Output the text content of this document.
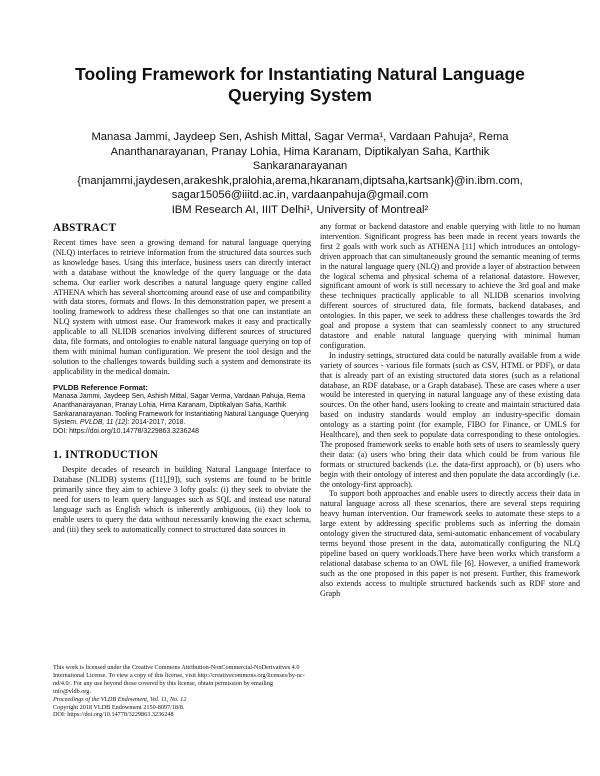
Tooling Framework for Instantiating Natural Language
Querying System
Manasa Jammi, Jaydeep Sen, Ashish Mittal, Sagar Verma¹, Vardaan Pahuja², Rema
Ananthanarayanan, Pranay Lohia, Hima Karanam, Diptikalyan Saha, Karthik
Sankaranarayanan
{manjammi,jaydesen,arakeshk,pralohia,arema,hkaranam,diptsaha,kartsank}@in.ibm.com,
sagar15056@iiitd.ac.in, vardaanpahuja@gmail.com
IBM Research AI, IIIT Delhi¹, University of Montreal²
ABSTRACT

Recent times have seen a growing demand for natural language querying (NLQ) interfaces to retrieve information from the structured data sources such as knowledge bases. Using this interface, business users can directly interact with a database without the knowledge of the query language or the data schema. Our earlier work describes a natural language query engine called ATHENA which has several shortcoming around ease of use and compatibility with data stores, formats and flows. In this demonstration paper, we present a tooling framework to address these challenges so that one can instantiate an NLQ system with utmost ease. Our framework makes it easy and practically applicable to all NLIDB scenarios involving different sources of structured data, file formats, and ontologies to enable natural language querying on top of them with minimal human configuration. We present the tool design and the solution to the challenges towards building such a system and demonstrate its applicability in the medical domain.

PVLDB Reference Format:

Manasa Jammi, Jaydeep Sen, Ashish Mittal, Sagar Verma, Vardaan Pahuja, Rema Ananthanarayanan, Pranay Lohia, Hima Karanam, Diptikalyan Saha, Karthik Sankaranarayanan. Tooling Framework for Instantiating Natural Language Querying System. PVLDB, 11 (12): 2014-2017, 2018.
DOI: https://doi.org/10.14778/3229863.3236248

1. INTRODUCTION

Despite decades of research in building Natural Language Interface to Database (NLIDB) systems ([11],[9]), such systems are found to be brittle primarily since they aim to achieve 3 lofty goals: (i) they seek to obviate the need for users to learn query languages such as SQL and instead use natural language such as English which is inherently ambiguous, (ii) they look to enable users to query the data without necessarily knowing the exact schema, and (iii) they seek to automatically connect to structured data sources in

This work is licensed under the Creative Commons Attribution-NonCommercial-NoDerivatives 4.0 International License. To view a copy of this license, visit http://creativecommons.org/licenses/by-nc-nd/4.0/. For any use beyond those covered by this license, obtain permission by emailing info@vldb.org.

Proceedings of the VLDB Endowment, Vol. 11, No. 12

Copyright 2018 VLDB Endowment 2150-8097/18/8.

DOI: https://doi.org/10.14778/3229863.3236248

any format or backend datastore and enable querying with little to no human intervention. Significant progress has been made in recent years towards the first 2 goals with work such as ATHENA [11] which introduces an ontology-driven approach that can simultaneously ground the semantic meaning of terms in the natural language query (NLQ) and provide a layer of abstraction between the logical schema and physical schema of a relational datastore. However, significant amount of work is still necessary to achieve the 3rd goal and make these techniques practically applicable to all NLIDB scenarios involving different sources of structured data, file formats, backend databases, and ontologies. In this paper, we seek to address these challenges towards the 3rd goal and propose a system that can seamlessly connect to any structured datastore and enable natural language querying with minimal human configuration.

In industry settings, structured data could be naturally available from a wide variety of sources - various file formats (such as CSV, HTML or PDF), or data that is already part of an existing structured data stores (such as a relational database, an RDF database, or a Graph database). These are cases where a user would be interested in querying in natural language any of these existing data sources. On the other hand, users looking to create and maintain structured data based on industry standards would employ an industry-specific domain ontology as a starting point (for example, FIBO for Finance, or UMLS for Healthcare), and then seek to populate data corresponding to these ontologies. The proposed framework seeks to enable both sets of users to seamlessly query their data: (a) users who bring their data which could be from various file formats or structured backends (i.e. the data-first approach), or (b) users who begin with their ontology of interest and then populate the data accordingly (i.e. the ontology-first approach).

To support both approaches and enable users to directly access their data in natural language across all these scenarios, there are several steps requiring heavy human intervention. Our framework seeks to automate these steps to a large extent by addressing specific problems such as inferring the domain ontology given the structured data, semi-automatic enhancement of vocabulary terms beyond those present in the data, automatically configuring the NLQ pipeline based on query workloads.There have been works which transform a relational database schema to an OWL file [6]. However, a unified framework such as the one proposed in this paper is not present. Further, this framework also extends access to multiple structured backends such as RDF store and Graph
